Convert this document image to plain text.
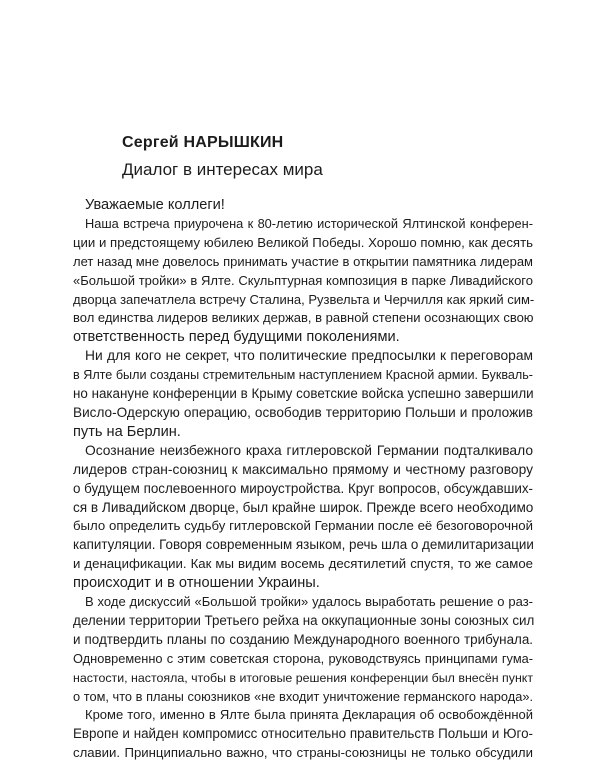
Сергей НАРЫШКИН
Диалог в интересах мира
Уважаемые коллеги!
Наша встреча приурочена к 80-летию исторической Ялтинской конферен-
ции и предстоящему юбилею Великой Победы. Хорошо помню, как десять
лет назад мне довелось принимать участие в открытии памятника лидерам
«Большой тройки» в Ялте. Скульптурная композиция в парке Ливадийского
дворца запечатлела встречу Сталина, Рузвельта и Черчилля как яркий сим-
вол единства лидеров великих держав, в равной степени осознающих свою
ответственность перед будущими поколениями.
Ни для кого не секрет, что политические предпосылки к переговорам
в Ялте были созданы стремительным наступлением Красной армии. Букваль-
но накануне конференции в Крыму советские войска успешно завершили
Висло-Одерскую операцию, освободив территорию Польши и проложив
путь на Берлин.
Осознание неизбежного краха гитлеровской Германии подталкивало
лидеров стран-союзниц к максимально прямому и честному разговору
о будущем послевоенного мироустройства. Круг вопросов, обсуждавших-
ся в Ливадийском дворце, был крайне широк. Прежде всего необходимо
было определить судьбу гитлеровской Германии после её безоговорочной
капитуляции. Говоря современным языком, речь шла о демилитаризации
и денацификации. Как мы видим восемь десятилетий спустя, то же самое
происходит и в отношении Украины.
В ходе дискуссий «Большой тройки» удалось выработать решение о раз-
делении территории Третьего рейха на оккупационные зоны союзных сил
и подтвердить планы по созданию Международного военного трибунала.
Одновременно с этим советская сторона, руководствуясь принципами гума-
настости, настояла, чтобы в итоговые решения конференции был внесён пункт
о том, что в планы союзников «не входит уничтожение германского народа».
Кроме того, именно в Ялте была принята Декларация об освобождённой
Европе и найден компромисс относительно правительств Польши и Юго-
славии. Принципиально важно, что страны-союзницы не только обсудили
